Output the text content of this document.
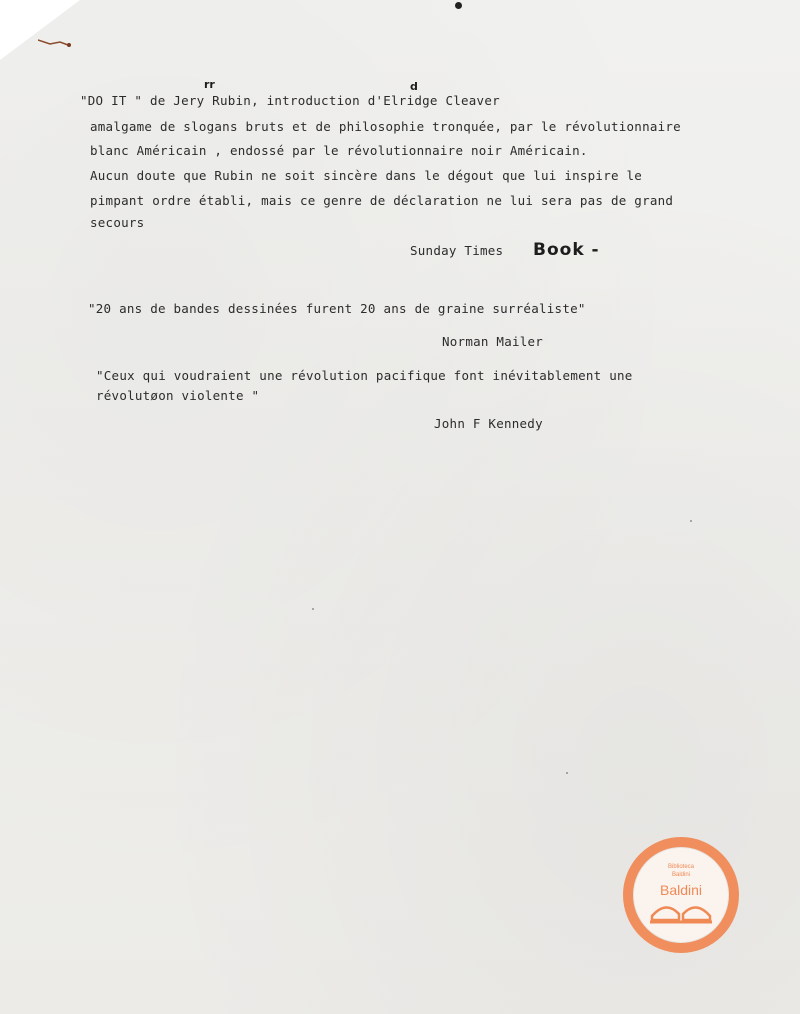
"DO IT " de Jery Rubin, introduction d'Elridge Cleaver
rr	d
amalgame de slogans bruts et de philosophie tronquée, par le révolutionnaire
blanc Américain , endossé par le révolutionnaire noir Américain.
Aucun doute que Rubin ne soit sincère dans le dégout que lui inspire le
pimpant ordre établi, mais ce genre de déclaration ne lui sera pas de grand
secours
Sunday Times Book -
"20 ans de bandes dessinées furent 20 ans de graine surréaliste"
Norman Mailer
"Ceux qui voudraient une révolution pacifique font inévitablement une
révolutøon violente "
John F Kennedy
Biblioteca
Baldini
Baldini
